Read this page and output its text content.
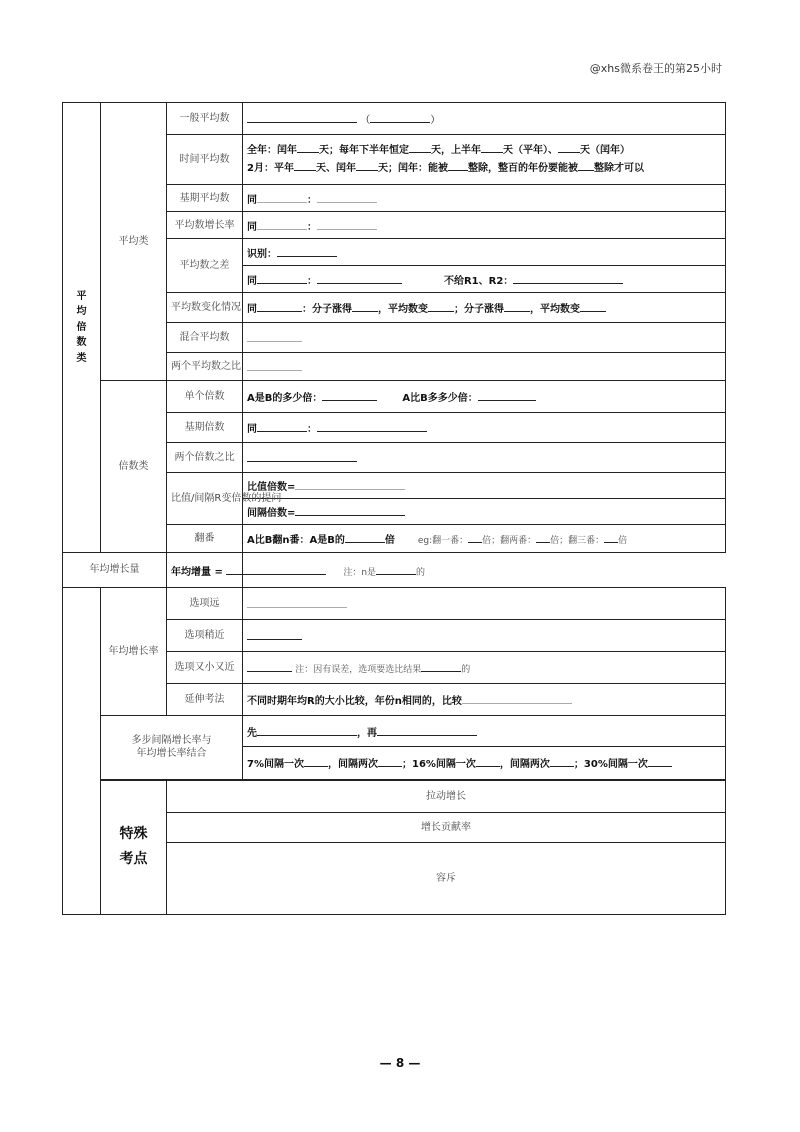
@xhs微系卷王的第25小时
平均倍数类	平均类	一般平均数	（ ）	
		时间平均数	全年：闰年 天；每年下半年恒定 天，上半年 天（平年）、 天（闰年）
2月：平年 天、闰年 天；闰年：能被 整除，整百的年份要能被 整除才可以	

		基期平均数	同 ：	
		平均数增长率	同 ：	
		平均数之差	识别：	
			同 ： 不给R1、R2：	
		平均数变化情况	同 ：分子涨得 ，平均数变 ；分子涨得 ，平均数变	
		混合平均数		
		两个平均数之比		
	倍数类	单个倍数	A是B的多少倍： A比B多多少倍：	
		基期倍数	同 ：	
		两个倍数之比		
		比值/间隔R变倍数的提问	比值倍数=	
			间隔倍数=	
		翻番	A比B翻n番：A是B的 倍 eg:翻一番： 倍；翻两番： 倍；翻三番： 倍	
年均增长量		年均增量 = 注：n是 的		
	年均增长率	选项远		
		选项稍近		
		选项又小又近	注：因有误差，选项要选比结果 的	
		延伸考法	不同时期年均R的大小比较，年份n相同的，比较	

	多步间隔增长率与年均增长率结合		先 ，再	
			7%间隔一次 ，间隔两次 ；16%间隔一次 ，间隔两次 ；30%间隔一次	

	特殊考点	拉动增长		
		增长贡献率		
		容斥	
— 8 —
